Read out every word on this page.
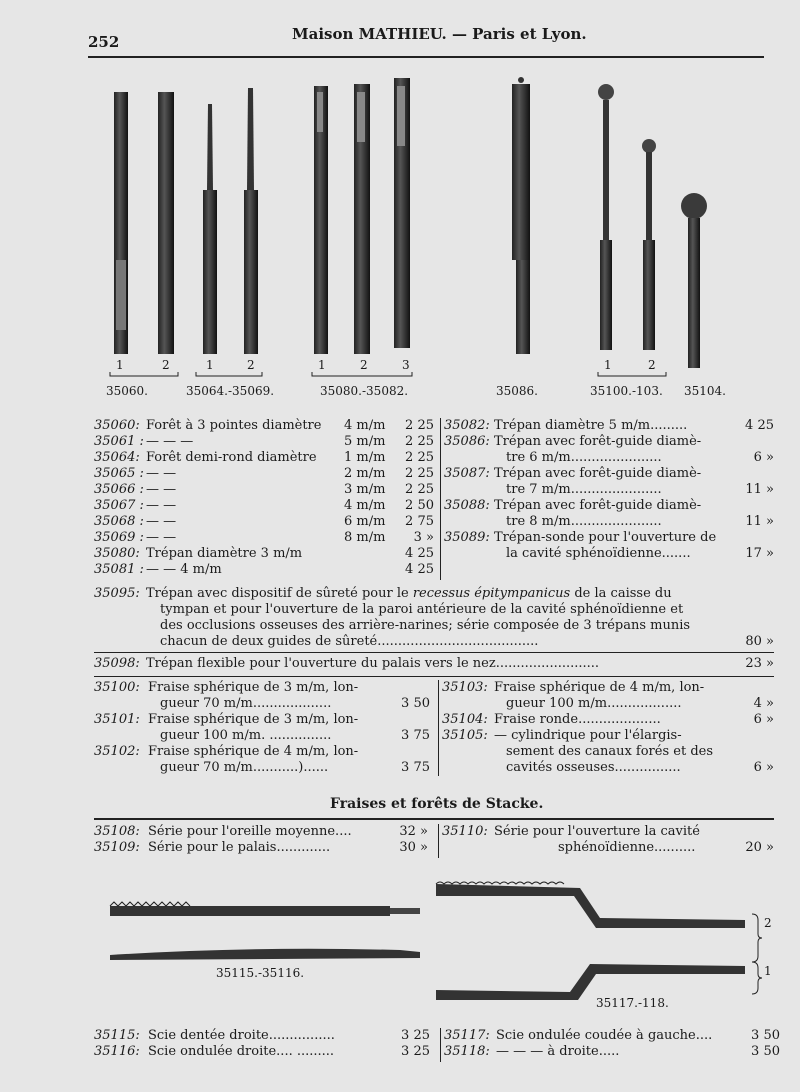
252	Maison MATHIEU. — Paris et Lyon.
1	2	1	2	1	2	3	1	2
35060.	35064.-35069.	35080.-35082.	35086.	35100.-103. 35104.
35060: Forêt à 3 pointes diamètre 4 m/m	2 25
35061 : — — —	5 m/m	2 25
35064: Forêt demi-rond diamètre 1 m/m	2 25
35065 : — —	2 m/m	2 25
35066 : — —	3 m/m	2 25
35067 : — —	4 m/m	2 50
35068 : — —	6 m/m	2 75
35069 : — —	8 m/m	3 »
35080: Trépan diamètre 3 m/m	4 25
35081 : — — 4 m/m	4 25
35082: Trépan diamètre 5 m/m.........	4 25
35086: Trépan avec forêt-guide diamè-
tre 6 m/m......................	6 »
35087: Trépan avec forêt-guide diamè-
tre 7 m/m......................	11 »
35088: Trépan avec forêt-guide diamè-
tre 8 m/m......................	11 »
35089: Trépan-sonde pour l'ouverture de
la cavité sphénoïdienne.......	17 »
35095: Trépan avec dispositif de sûreté pour le recessus épitympanicus de la caisse du
tympan et pour l'ouverture de la paroi antérieure de la cavité sphénoïdienne et
des occlusions osseuses des arrière-narines; série composée de 3 trépans munis
chacun de deux guides de sûreté.......................................	80 »
35098: Trépan flexible pour l'ouverture du palais vers le nez.........................	23 »
35100: Fraise sphérique de 3 m/m, lon-
gueur 70 m/m...................	3 50
35101: Fraise sphérique de 3 m/m, lon-
gueur 100 m/m. ...............	3 75
35102: Fraise sphérique de 4 m/m, lon-
gueur 70 m/m...........)......	3 75
35103: Fraise sphérique de 4 m/m, lon-
gueur 100 m/m..................	4 »
35104: Fraise ronde....................	6 »
35105: — cylindrique pour l'élargis-
sement des canaux forés et des
cavités osseuses................	6 »
Fraises et forêts de Stacke.
35108: Série pour l'oreille moyenne....	32 »
35109: Série pour le palais.............	30 »
35110: Série pour l'ouverture la cavité
sphénoïdienne..........	20 »
35115.-35116.
35117.-118.
2
1
35115: Scie dentée droite................	3 25
35116: Scie ondulée droite.... .........	3 25
35117: Scie ondulée coudée à gauche....	3 50
35118: — — — à droite.....	3 50
